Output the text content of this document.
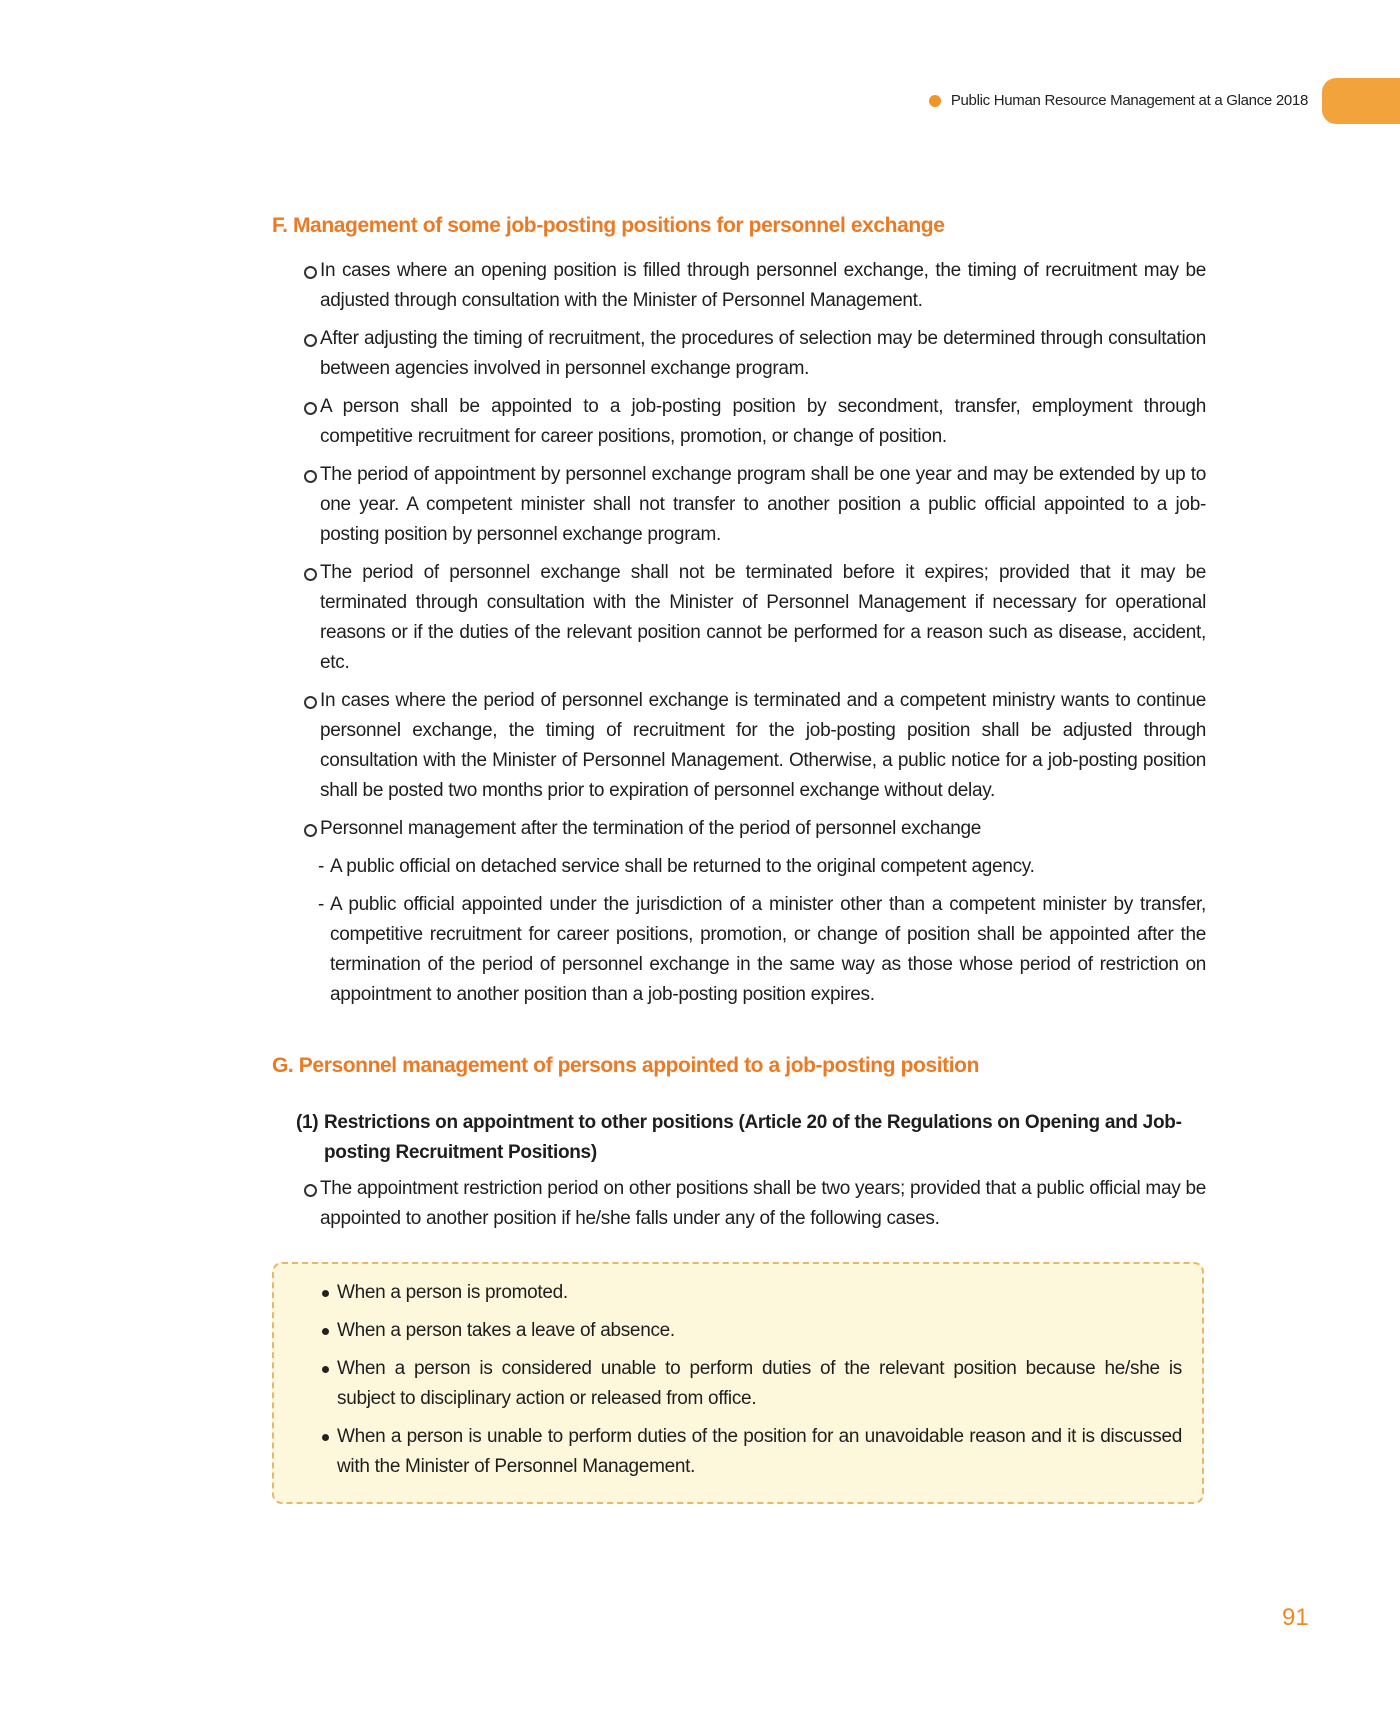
Public Human Resource Management at a Glance 2018
F. Management of some job-posting positions for personnel exchange

In cases where an opening position is filled through personnel exchange, the timing of recruitment may be adjusted through consultation with the Minister of Personnel Management.

After adjusting the timing of recruitment, the procedures of selection may be determined through consultation between agencies involved in personnel exchange program.

A person shall be appointed to a job-posting position by secondment, transfer, employment through competitive recruitment for career positions, promotion, or change of position.

The period of appointment by personnel exchange program shall be one year and may be extended by up to one year. A competent minister shall not transfer to another position a public official appointed to a job-posting position by personnel exchange program.

The period of personnel exchange shall not be terminated before it expires; provided that it may be terminated through consultation with the Minister of Personnel Management if necessary for operational reasons or if the duties of the relevant position cannot be performed for a reason such as disease, accident, etc.

In cases where the period of personnel exchange is terminated and a competent ministry wants to continue personnel exchange, the timing of recruitment for the job-posting position shall be adjusted through consultation with the Minister of Personnel Management. Otherwise, a public notice for a job-posting position shall be posted two months prior to expiration of personnel exchange without delay.

Personnel management after the termination of the period of personnel exchange

- A public official on detached service shall be returned to the original competent agency.

- A public official appointed under the jurisdiction of a minister other than a competent minister by transfer, competitive recruitment for career positions, promotion, or change of position shall be appointed after the termination of the period of personnel exchange in the same way as those whose period of restriction on appointment to another position than a job-posting position expires.

G. Personnel management of persons appointed to a job-posting position

(1) Restrictions on appointment to other positions (Article 20 of the Regulations on Opening and Job-posting Recruitment Positions)

The appointment restriction period on other positions shall be two years; provided that a public official may be appointed to another position if he/she falls under any of the following cases.

When a person is promoted.

When a person takes a leave of absence.

When a person is considered unable to perform duties of the relevant position because he/she is subject to disciplinary action or released from office.

When a person is unable to perform duties of the position for an unavoidable reason and it is discussed with the Minister of Personnel Management.

91
